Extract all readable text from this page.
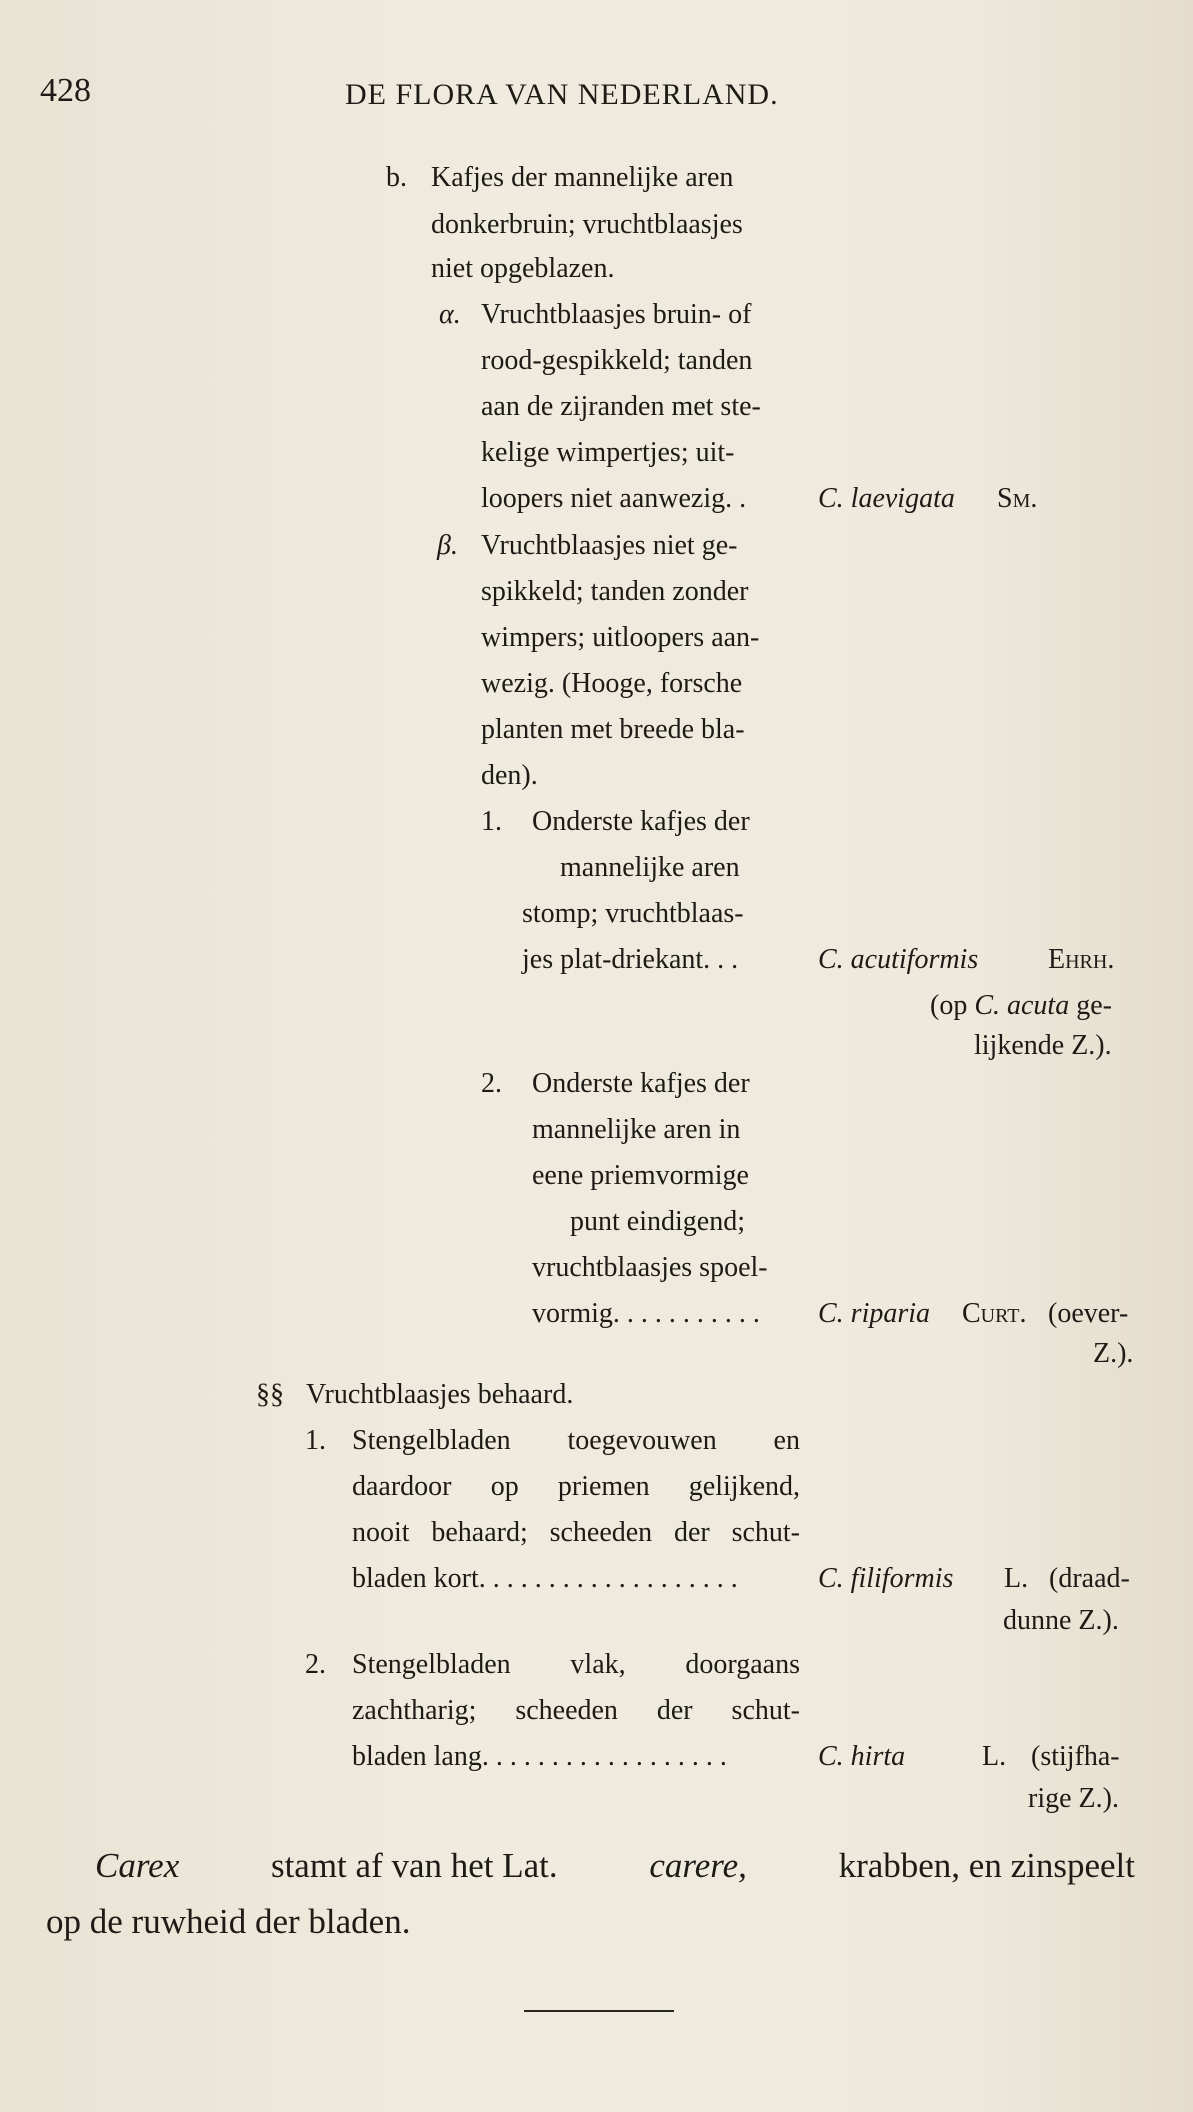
428	DE FLORA VAN NEDERLAND.
b. Kafjes der mannelijke aren
donkerbruin; vruchtblaasjes
niet opgeblazen.
α. Vruchtblaasjes bruin- of
rood-gespikkeld; tanden
aan de zijranden met ste-
kelige wimpertjes; uit-
loopers niet aanwezig. .	C. laevigata Sm.
β. Vruchtblaasjes niet ge-
spikkeld; tanden zonder
wimpers; uitloopers aan-
wezig. (Hooge, forsche
planten met breede bla-
den).
1. Onderste kafjes der
mannelijke aren
stomp; vruchtblaas-
jes plat-driekant. . .	C. acutiformis Ehrh.
(op C. acuta ge-
lijkende Z.).
2. Onderste kafjes der
mannelijke aren in
eene priemvormige
punt eindigend;
vruchtblaasjes spoel-
vormig. . . . . . . . . . . C. riparia Curt. (oever-
Z.).
§§ Vruchtblaasjes behaard.
1. Stengelbladen toegevouwen en
daardoor op priemen gelijkend,
nooit behaard; scheeden der schut-
bladen kort. . . . . . . . . . . . . . . . . . .	C. filiformis L. (draad-
dunne Z.).
2. Stengelbladen vlak, doorgaans
zachtharig; scheeden der schut-
bladen lang. . . . . . . . . . . . . . . . . .	C. hirta	L. (stijfha-
rige Z.).
Carex	stamt af van het Lat.	carere,	krabben, en zinspeelt
op de ruwheid der bladen.
